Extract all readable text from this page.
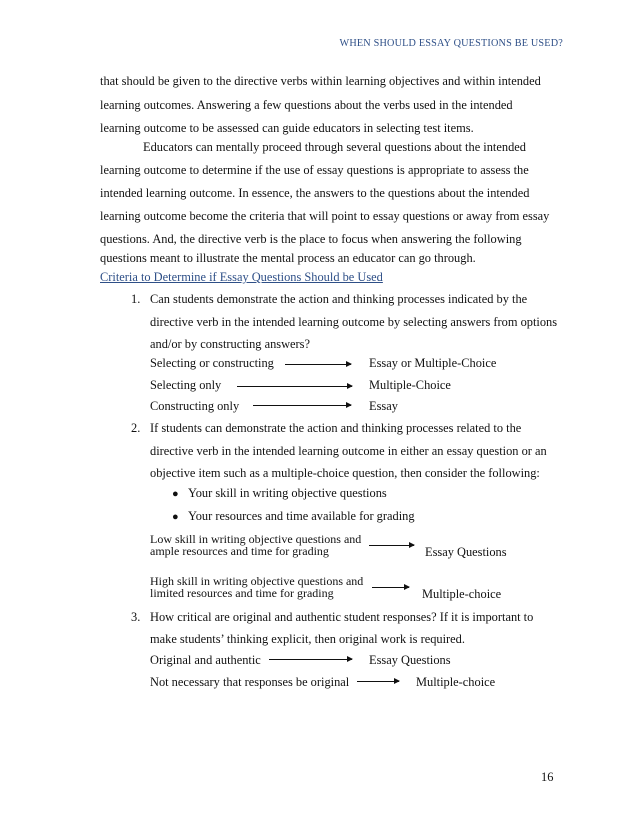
WHEN SHOULD ESSAY QUESTIONS BE USED?
that should be given to the directive verbs within learning objectives and within intended
learning outcomes. Answering a few questions about the verbs used in the intended
learning outcome to be assessed can guide educators in selecting test items.
Educators can mentally proceed through several questions about the intended
learning outcome to determine if the use of essay questions is appropriate to assess the
intended learning outcome. In essence, the answers to the questions about the intended
learning outcome become the criteria that will point to essay questions or away from essay
questions. And, the directive verb is the place to focus when answering the following
questions meant to illustrate the mental process an educator can go through.
Criteria to Determine if Essay Questions Should be Used
1. Can students demonstrate the action and thinking processes indicated by the
directive verb in the intended learning outcome by selecting answers from options
and/or by constructing answers?
Selecting or constructing	Essay or Multiple-Choice
Selecting only	Multiple-Choice
Constructing only	Essay
2. If students can demonstrate the action and thinking processes related to the
directive verb in the intended learning outcome in either an essay question or an
objective item such as a multiple-choice question, then consider the following:
● Your skill in writing objective questions
● Your resources and time available for grading
Low skill in writing objective questions and
ample resources and time for grading	Essay Questions
High skill in writing objective questions and
limited resources and time for grading	Multiple-choice
3. How critical are original and authentic student responses? If it is important to
make students’ thinking explicit, then original work is required.
Original and authentic	Essay Questions
Not necessary that responses be original	Multiple-choice
16
